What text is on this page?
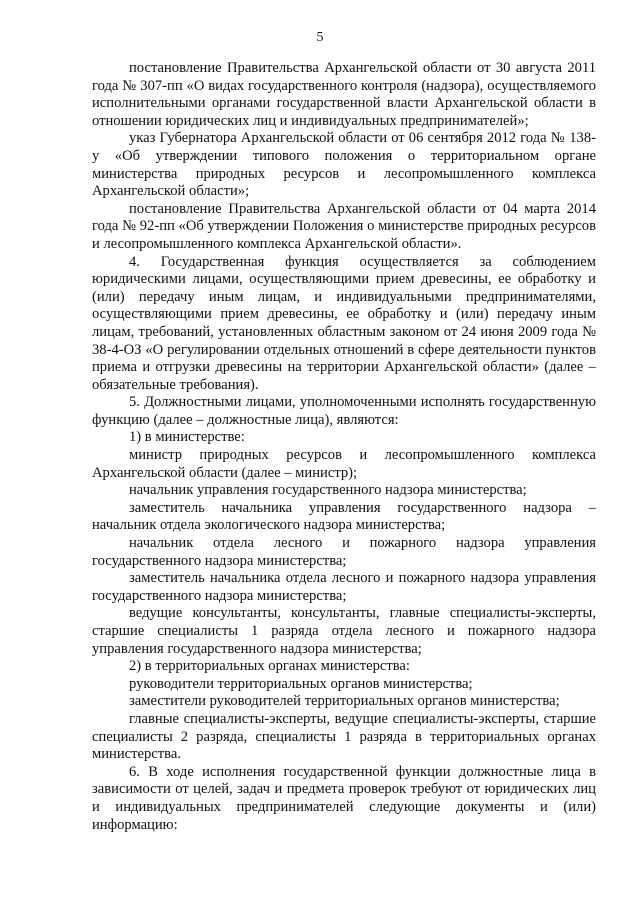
5

постановление Правительства Архангельской области от 30 августа 2011 года № 307-пп «О видах государственного контроля (надзора), осуществляемого исполнительными органами государственной власти Архангельской области в отношении юридических лиц и индивидуальных предпринимателей»;

указ Губернатора Архангельской области от 06 сентября 2012 года № 138-у «Об утверждении типового положения о территориальном органе министерства природных ресурсов и лесопромышленного комплекса Архангельской области»;

постановление Правительства Архангельской области от 04 марта 2014 года № 92-пп «Об утверждении Положения о министерстве природных ресурсов и лесопромышленного комплекса Архангельской области».

4. Государственная функция осуществляется за соблюдением юридическими лицами, осуществляющими прием древесины, ее обработку и (или) передачу иным лицам, и индивидуальными предпринимателями, осуществляющими прием древесины, ее обработку и (или) передачу иным лицам, требований, установленных областным законом от 24 июня 2009 года № 38-4-ОЗ «О регулировании отдельных отношений в сфере деятельности пунктов приема и отгрузки древесины на территории Архангельской области» (далее – обязательные требования).

5. Должностными лицами, уполномоченными исполнять государственную функцию (далее – должностные лица), являются:

1) в министерстве:

министр природных ресурсов и лесопромышленного комплекса Архангельской области (далее – министр);

начальник управления государственного надзора министерства;

заместитель начальника управления государственного надзора – начальник отдела экологического надзора министерства;

начальник отдела лесного и пожарного надзора управления государственного надзора министерства;

заместитель начальника отдела лесного и пожарного надзора управления государственного надзора министерства;

ведущие консультанты, консультанты, главные специалисты-эксперты, старшие специалисты 1 разряда отдела лесного и пожарного надзора управления государственного надзора министерства;

2) в территориальных органах министерства:

руководители территориальных органов министерства;

заместители руководителей территориальных органов министерства;

главные специалисты-эксперты, ведущие специалисты-эксперты, старшие специалисты 2 разряда, специалисты 1 разряда в территориальных органах министерства.

6. В ходе исполнения государственной функции должностные лица в зависимости от целей, задач и предмета проверок требуют от юридических лиц и индивидуальных предпринимателей следующие документы и (или) информацию:
